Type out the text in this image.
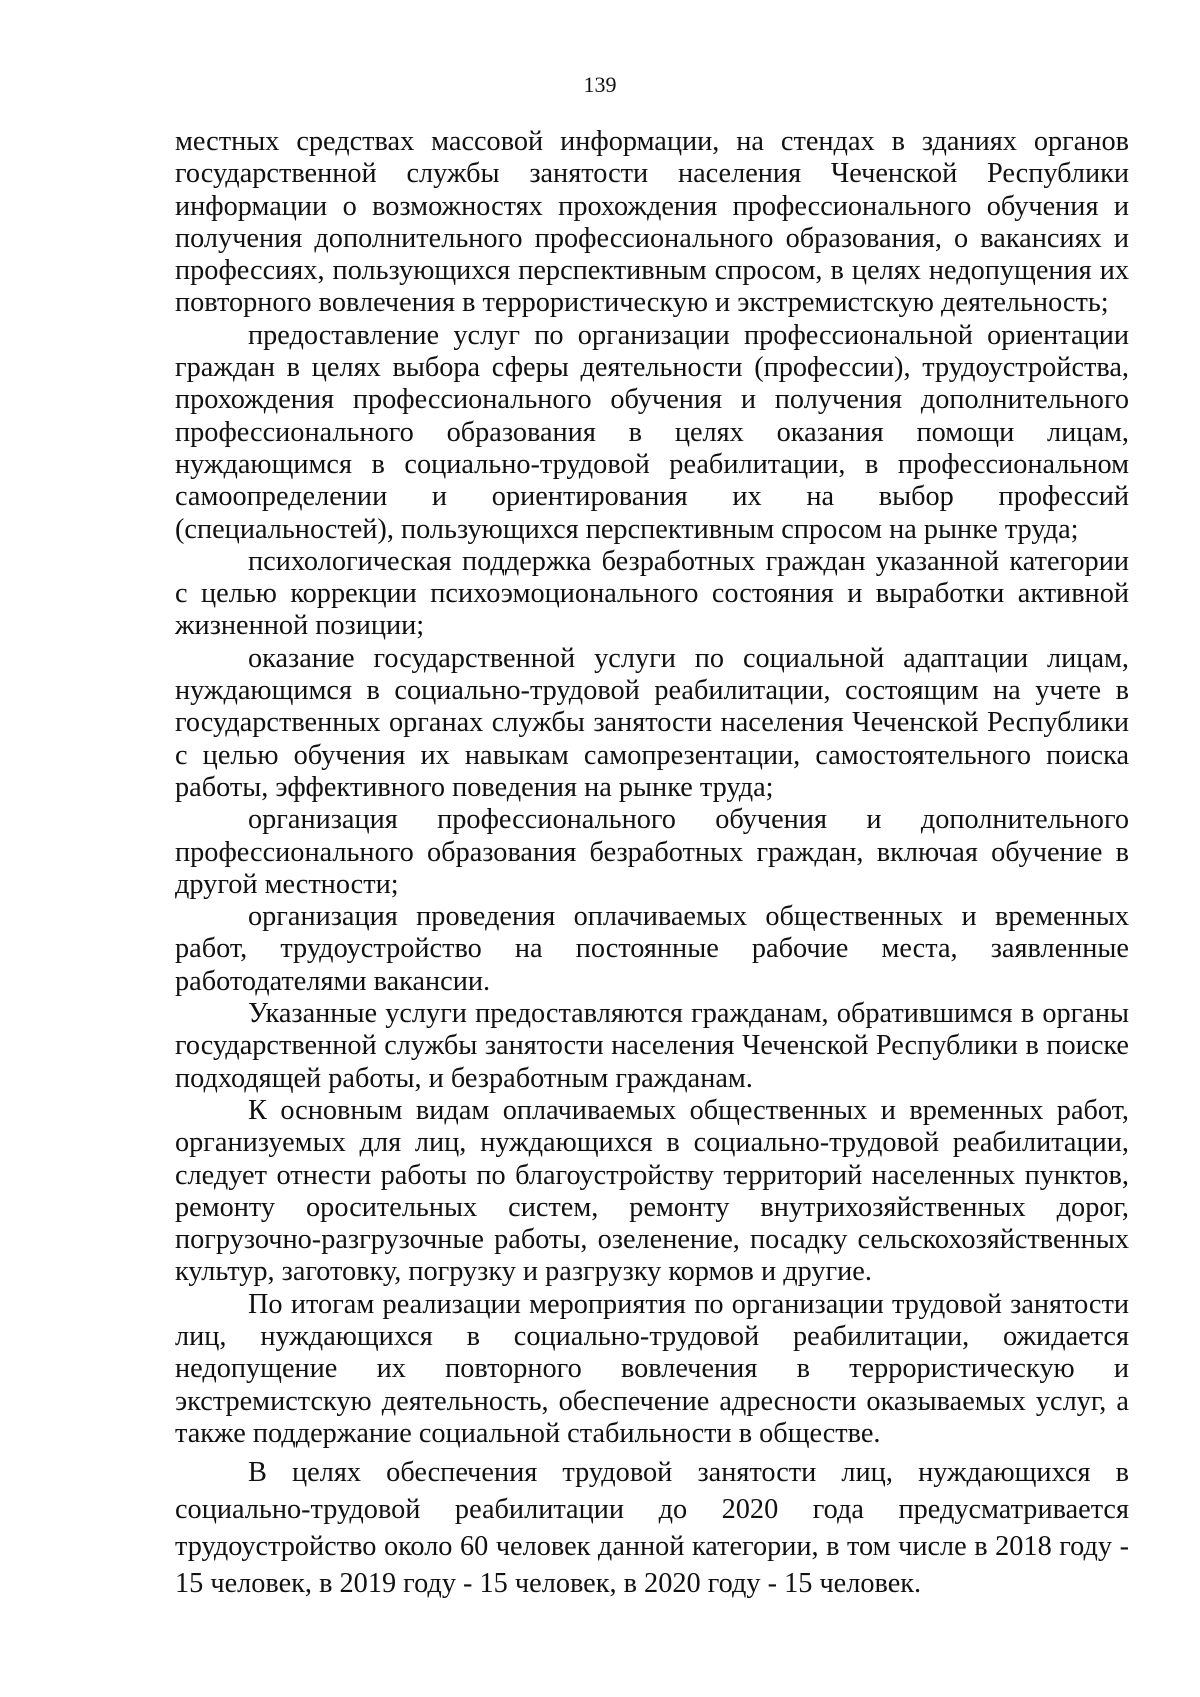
139

местных средствах массовой информации, на стендах в зданиях органов государственной службы занятости населения Чеченской Республики информации о возможностях прохождения профессионального обучения и получения дополнительного профессионального образования, о вакансиях и профессиях, пользующихся перспективным спросом, в целях недопущения их повторного вовлечения в террористическую и экстремистскую деятельность;

предоставление услуг по организации профессиональной ориентации граждан в целях выбора сферы деятельности (профессии), трудоустройства, прохождения профессионального обучения и получения дополнительного профессионального образования в целях оказания помощи лицам, нуждающимся в социально-трудовой реабилитации, в профессиональном самоопределении и ориентирования их на выбор профессий (специальностей), пользующихся перспективным спросом на рынке труда;

психологическая поддержка безработных граждан указанной категории с целью коррекции психоэмоционального состояния и выработки активной жизненной позиции;

оказание государственной услуги по социальной адаптации лицам, нуждающимся в социально-трудовой реабилитации, состоящим на учете в государственных органах службы занятости населения Чеченской Республики с целью обучения их навыкам самопрезентации, самостоятельного поиска работы, эффективного поведения на рынке труда;

организация профессионального обучения и дополнительного профессионального образования безработных граждан, включая обучение в другой местности;

организация проведения оплачиваемых общественных и временных работ, трудоустройство на постоянные рабочие места, заявленные работодателями вакансии.

Указанные услуги предоставляются гражданам, обратившимся в органы государственной службы занятости населения Чеченской Республики в поиске подходящей работы, и безработным гражданам.

К основным видам оплачиваемых общественных и временных работ, организуемых для лиц, нуждающихся в социально-трудовой реабилитации, следует отнести работы по благоустройству территорий населенных пунктов, ремонту оросительных систем, ремонту внутрихозяйственных дорог, погрузочно-разгрузочные работы, озеленение, посадку сельскохозяйственных культур, заготовку, погрузку и разгрузку кормов и другие.

По итогам реализации мероприятия по организации трудовой занятости лиц, нуждающихся в социально-трудовой реабилитации, ожидается недопущение их повторного вовлечения в террористическую и экстремистскую деятельность, обеспечение адресности оказываемых услуг, а также поддержание социальной стабильности в обществе.

В целях обеспечения трудовой занятости лиц, нуждающихся в социально-трудовой реабилитации до 2020 года предусматривается трудоустройство около 60 человек данной категории, в том числе в 2018 году - 15 человек, в 2019 году - 15 человек, в 2020 году - 15 человек.
